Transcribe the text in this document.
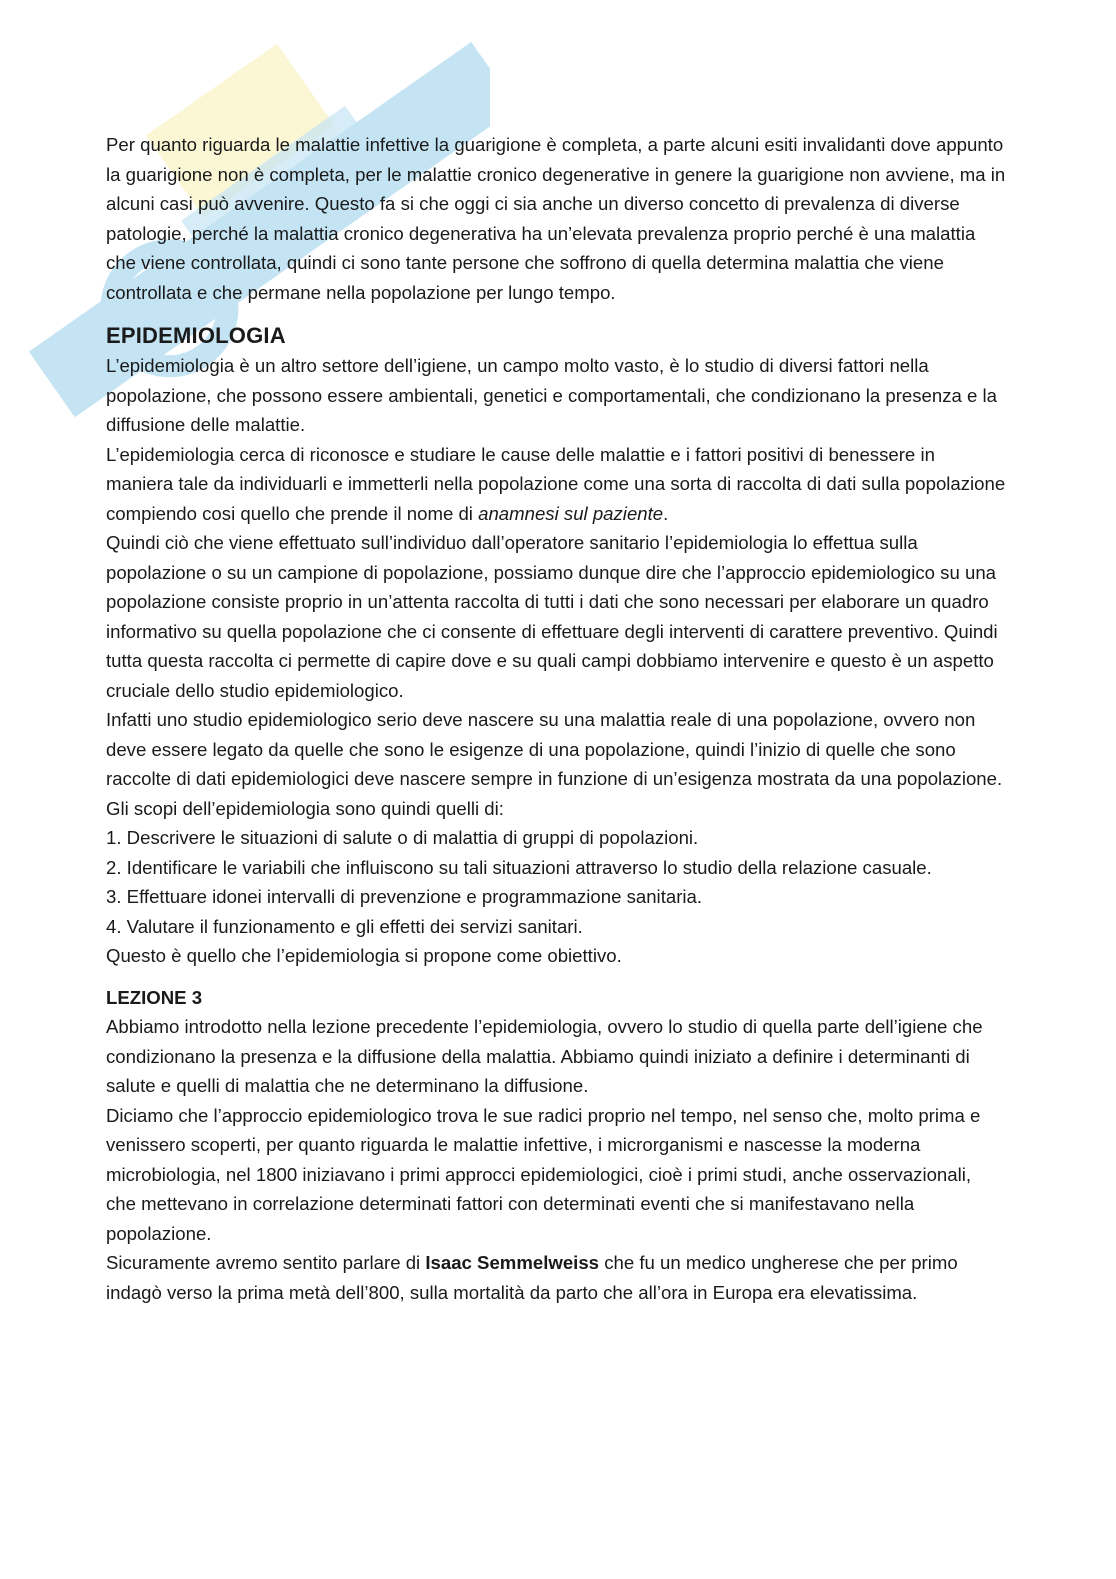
Per quanto riguarda le malattie infettive la guarigione è completa, a parte alcuni esiti invalidanti dove appunto la guarigione non è completa, per le malattie cronico degenerative in genere la guarigione non avviene, ma in alcuni casi può avvenire. Questo fa si che oggi ci sia anche un diverso concetto di prevalenza di diverse patologie, perché la malattia cronico degenerativa ha un’elevata prevalenza proprio perché è una malattia che viene controllata, quindi ci sono tante persone che soffrono di quella determina malattia che viene controllata e che permane nella popolazione per lungo tempo.

EPIDEMIOLOGIA

L’epidemiologia è un altro settore dell’igiene, un campo molto vasto, è lo studio di diversi fattori nella popolazione, che possono essere ambientali, genetici e comportamentali, che condizionano la presenza e la diffusione delle malattie.

L’epidemiologia cerca di riconosce e studiare le cause delle malattie e i fattori positivi di benessere in maniera tale da individuarli e immetterli nella popolazione come una sorta di raccolta di dati sulla popolazione compiendo cosi quello che prende il nome di anamnesi sul paziente.

Quindi ciò che viene effettuato sull’individuo dall’operatore sanitario l’epidemiologia lo effettua sulla popolazione o su un campione di popolazione, possiamo dunque dire che l’approccio epidemiologico su una popolazione consiste proprio in un’attenta raccolta di tutti i dati che sono necessari per elaborare un quadro informativo su quella popolazione che ci consente di effettuare degli interventi di carattere preventivo. Quindi tutta questa raccolta ci permette di capire dove e su quali campi dobbiamo intervenire e questo è un aspetto cruciale dello studio epidemiologico.

Infatti uno studio epidemiologico serio deve nascere su una malattia reale di una popolazione, ovvero non deve essere legato da quelle che sono le esigenze di una popolazione, quindi l’inizio di quelle che sono raccolte di dati epidemiologici deve nascere sempre in funzione di un’esigenza mostrata da una popolazione.

Gli scopi dell’epidemiologia sono quindi quelli di:

1. Descrivere le situazioni di salute o di malattia di gruppi di popolazioni.

2. Identificare le variabili che influiscono su tali situazioni attraverso lo studio della relazione casuale.

3. Effettuare idonei intervalli di prevenzione e programmazione sanitaria.

4. Valutare il funzionamento e gli effetti dei servizi sanitari.

Questo è quello che l’epidemiologia si propone come obiettivo.

LEZIONE 3

Abbiamo introdotto nella lezione precedente l’epidemiologia, ovvero lo studio di quella parte dell’igiene che condizionano la presenza e la diffusione della malattia. Abbiamo quindi iniziato a definire i determinanti di salute e quelli di malattia che ne determinano la diffusione.

Diciamo che l’approccio epidemiologico trova le sue radici proprio nel tempo, nel senso che, molto prima e venissero scoperti, per quanto riguarda le malattie infettive, i microrganismi e nascesse la moderna microbiologia, nel 1800 iniziavano i primi approcci epidemiologici, cioè i primi studi, anche osservazionali, che mettevano in correlazione determinati fattori con determinati eventi che si manifestavano nella popolazione.

Sicuramente avremo sentito parlare di Isaac Semmelweiss che fu un medico ungherese che per primo indagò verso la prima metà dell’800, sulla mortalità da parto che all’ora in Europa era elevatissima.
